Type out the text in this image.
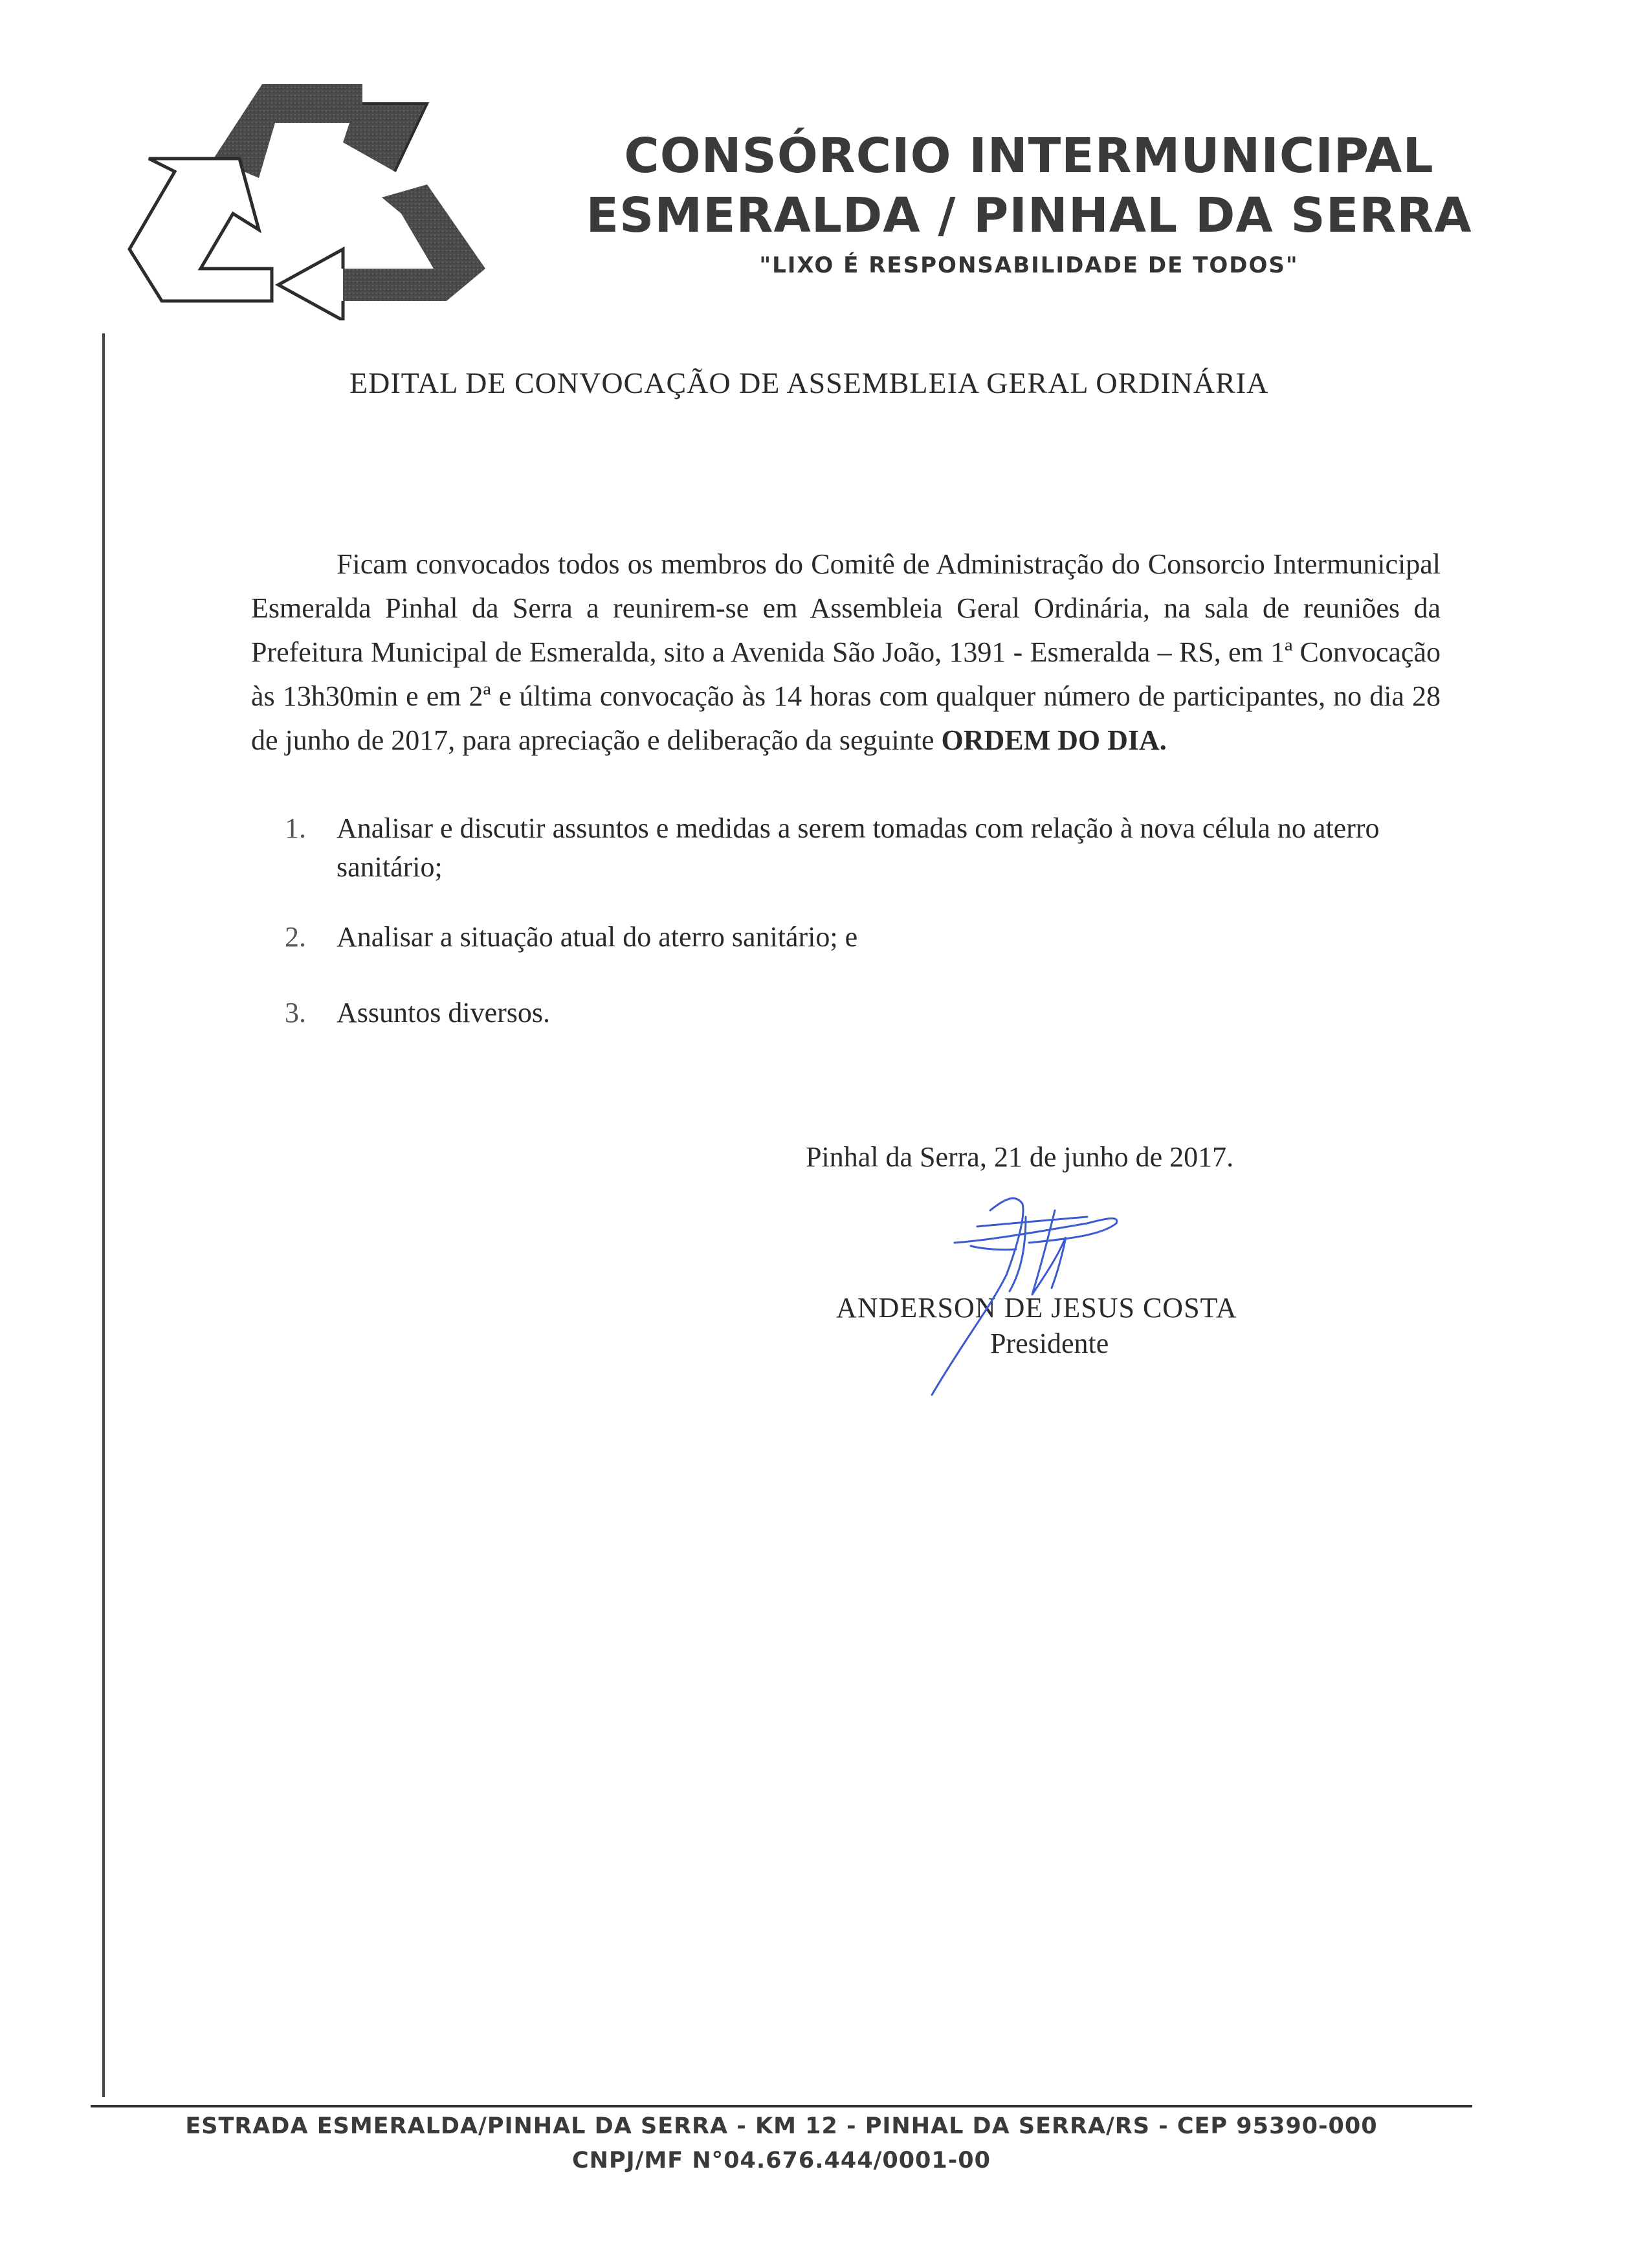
CONSÓRCIO INTERMUNICIPAL
ESMERALDA / PINHAL DA SERRA
"LIXO É RESPONSABILIDADE DE TODOS"
EDITAL DE CONVOCAÇÃO DE ASSEMBLEIA GERAL ORDINÁRIA
Ficam convocados todos os membros do Comitê de Administração do Consorcio Intermunicipal Esmeralda Pinhal da Serra a reunirem-se em Assembleia Geral Ordinária, na sala de reuniões da Prefeitura Municipal de Esmeralda, sito a Avenida São João, 1391 - Esmeralda – RS, em 1ª Convocação às 13h30min e em 2ª e última convocação às 14 horas com qualquer número de participantes, no dia 28 de junho de 2017, para apreciação e deliberação da seguinte ORDEM DO DIA.
1.	Analisar e discutir assuntos e medidas a serem tomadas com relação à nova célula no aterro sanitário;
2.	Analisar a situação atual do aterro sanitário; e
3.	Assuntos diversos.
Pinhal da Serra, 21 de junho de 2017.
ANDERSON DE JESUS COSTA
Presidente
ESTRADA ESMERALDA/PINHAL DA SERRA - KM 12 - PINHAL DA SERRA/RS - CEP 95390-000
CNPJ/MF N°04.676.444/0001-00
